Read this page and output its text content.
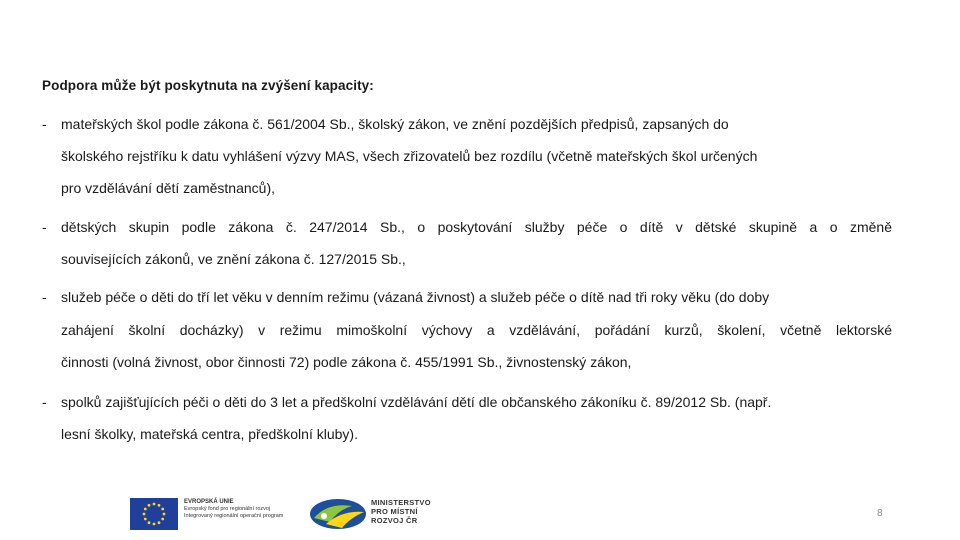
Podpora může být poskytnuta na zvýšení kapacity:
- mateřských škol podle zákona č. 561/2004 Sb., školský zákon, ve znění pozdějších předpisů, zapsaných do
školského rejstříku k datu vyhlášení výzvy MAS, všech zřizovatelů bez rozdílu (včetně mateřských škol určených
pro vzdělávání dětí zaměstnanců),
- dětských skupin podle zákona č. 247/2014 Sb., o poskytování služby péče o dítě v dětské skupině a o změně
souvisejících zákonů, ve znění zákona č. 127/2015 Sb.,
- služeb péče o děti do tří let věku v denním režimu (vázaná živnost) a služeb péče o dítě nad tři roky věku (do doby
zahájení školní docházky) v režimu mimoškolní výchovy a vzdělávání, pořádání kurzů, školení, včetně lektorské
činnosti (volná živnost, obor činnosti 72) podle zákona č. 455/1991 Sb., živnostenský zákon,
- spolků zajišťujících péči o děti do 3 let a předškolní vzdělávání dětí dle občanského zákoníku č. 89/2012 Sb. (např.
lesní školky, mateřská centra, předškolní kluby).
EVROPSKÁ UNIE
Evropský fond pro regionální rozvoj
Integrovaný regionální operační program
MINISTERSTVO
PRO MÍSTNÍ
ROZVOJ ČR
8
